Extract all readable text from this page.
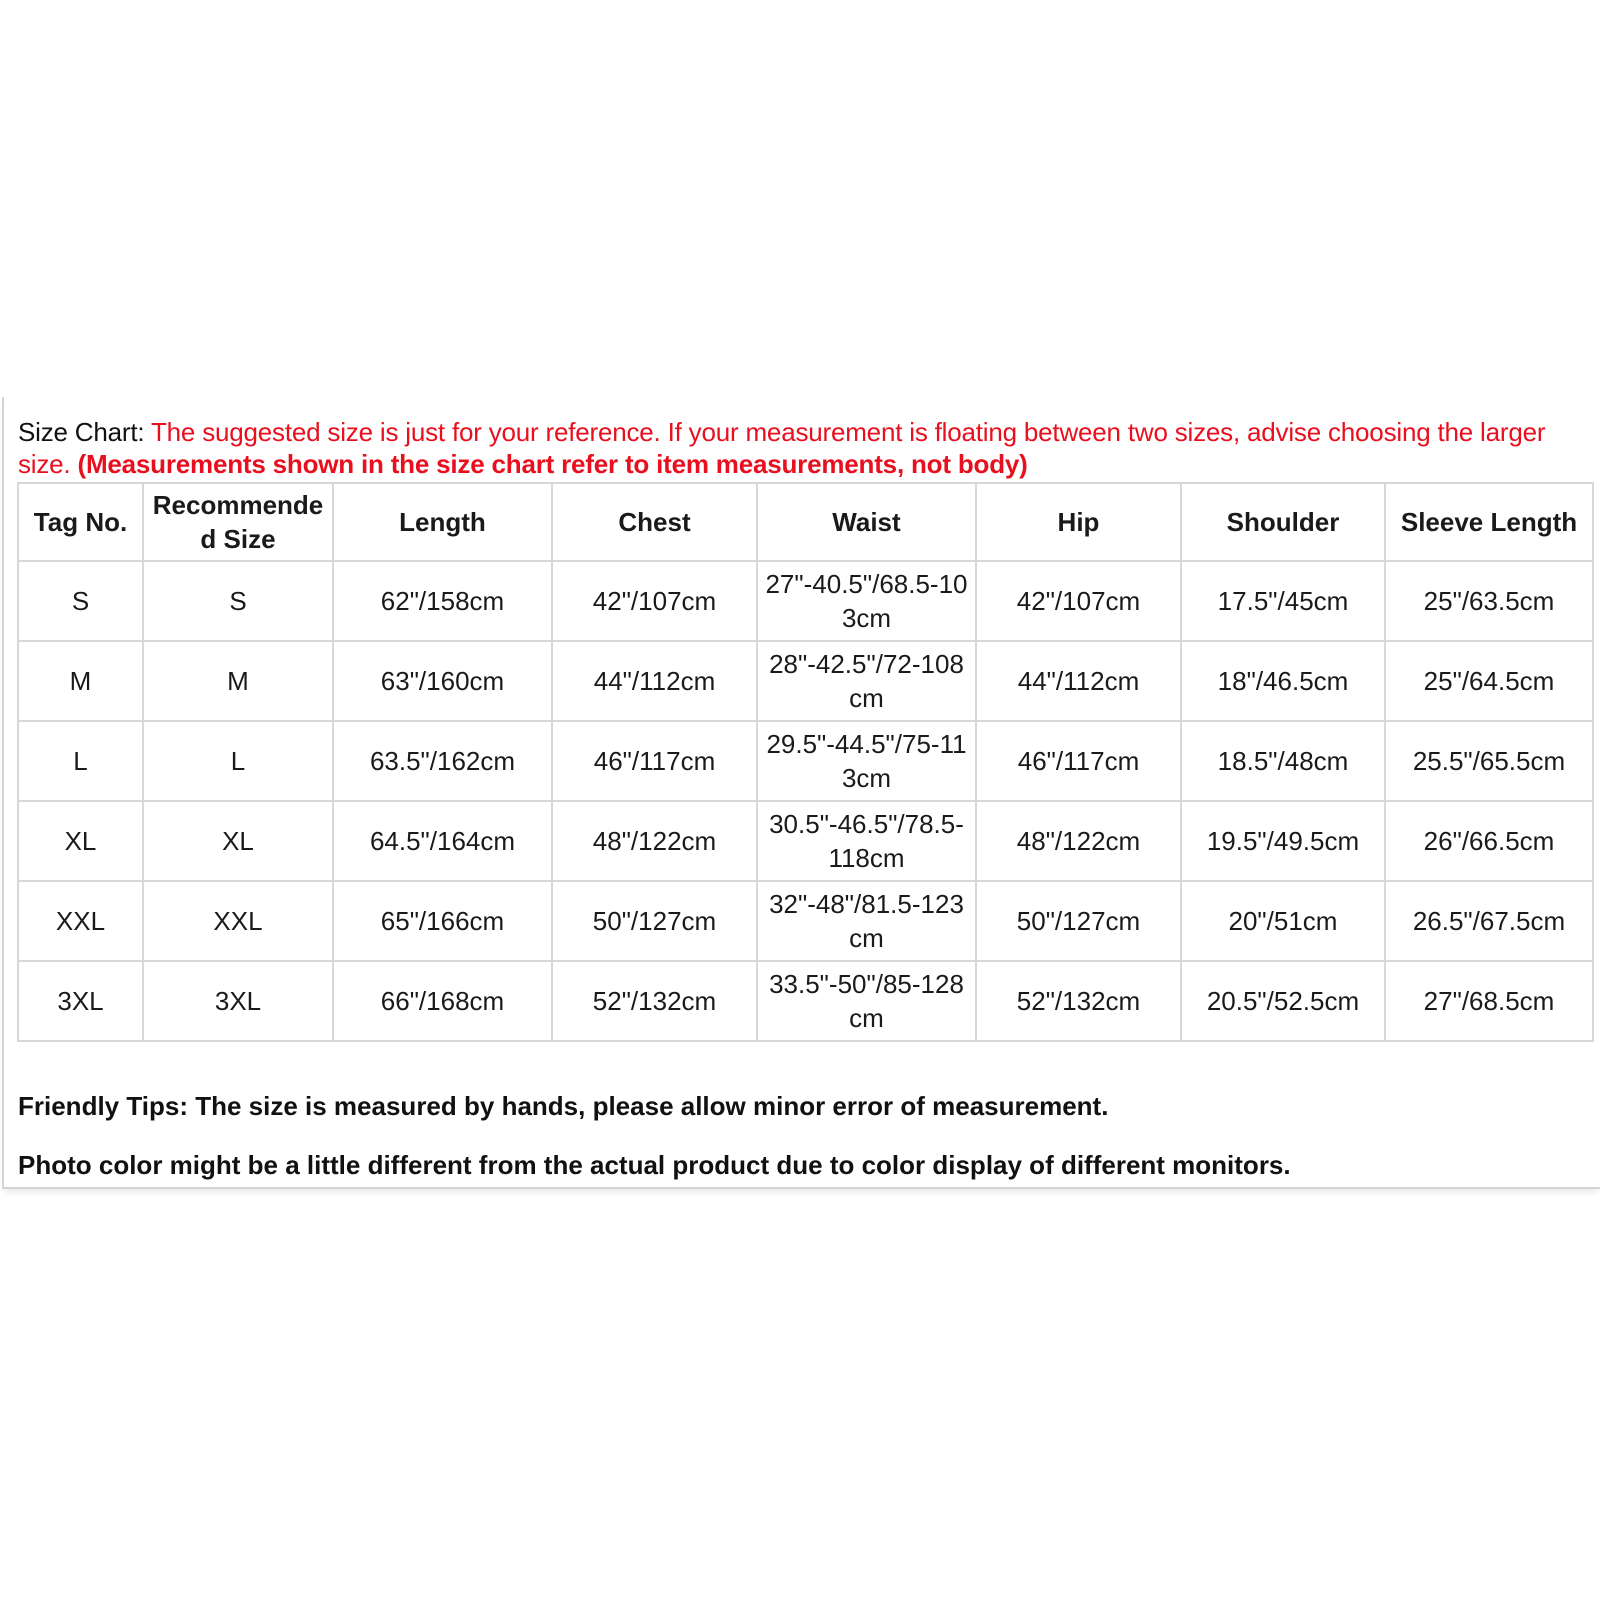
Size Chart: The suggested size is just for your reference. If your measurement is floating between two sizes, advise choosing the larger size. (Measurements shown in the size chart refer to item measurements, not body)
Tag No.	Recommended Size	Length	Chest	Waist	Hip	Shoulder	Sleeve Length
S	S	62"/158cm	42"/107cm	27"-40.5"/68.5-103cm	42"/107cm	17.5"/45cm	25"/63.5cm
M	M	63"/160cm	44"/112cm	28"-42.5"/72-108cm	44"/112cm	18"/46.5cm	25"/64.5cm
L	L	63.5"/162cm	46"/117cm	29.5"-44.5"/75-113cm	46"/117cm	18.5"/48cm	25.5"/65.5cm
XL	XL	64.5"/164cm	48"/122cm	30.5"-46.5"/78.5-118cm	48"/122cm	19.5"/49.5cm	26"/66.5cm
XXL	XXL	65"/166cm	50"/127cm	32"-48"/81.5-123cm	50"/127cm	20"/51cm	26.5"/67.5cm
3XL	3XL	66"/168cm	52"/132cm	33.5"-50"/85-128cm	52"/132cm	20.5"/52.5cm	27"/68.5cm
Friendly Tips: The size is measured by hands, please allow minor error of measurement.
Photo color might be a little different from the actual product due to color display of different monitors.
